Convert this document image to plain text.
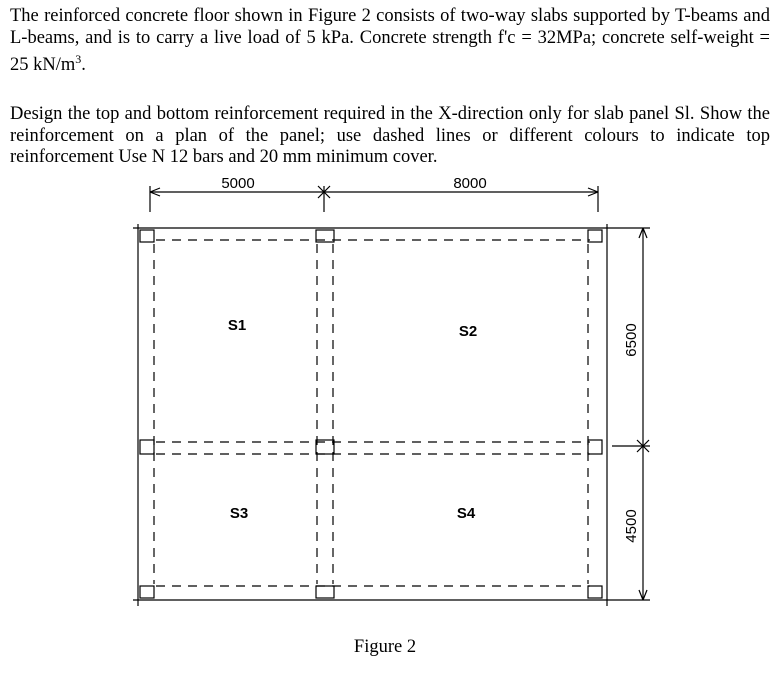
The reinforced concrete floor shown in Figure 2 consists of two-way slabs supported by T-beams and L-beams, and is to carry a live load of 5 kPa. Concrete strength f'c = 32MPa; concrete self-weight = 25 $kN/m^3$.

Design the top and bottom reinforcement required in the X-direction only for slab panel Sl. Show the reinforcement on a plan of the panel; use dashed lines or different colours to indicate top reinforcement Use N 12 bars and 20 mm minimum cover.

5000	8000
6500
4500
S1	S2
S3	S4
Figure 2
